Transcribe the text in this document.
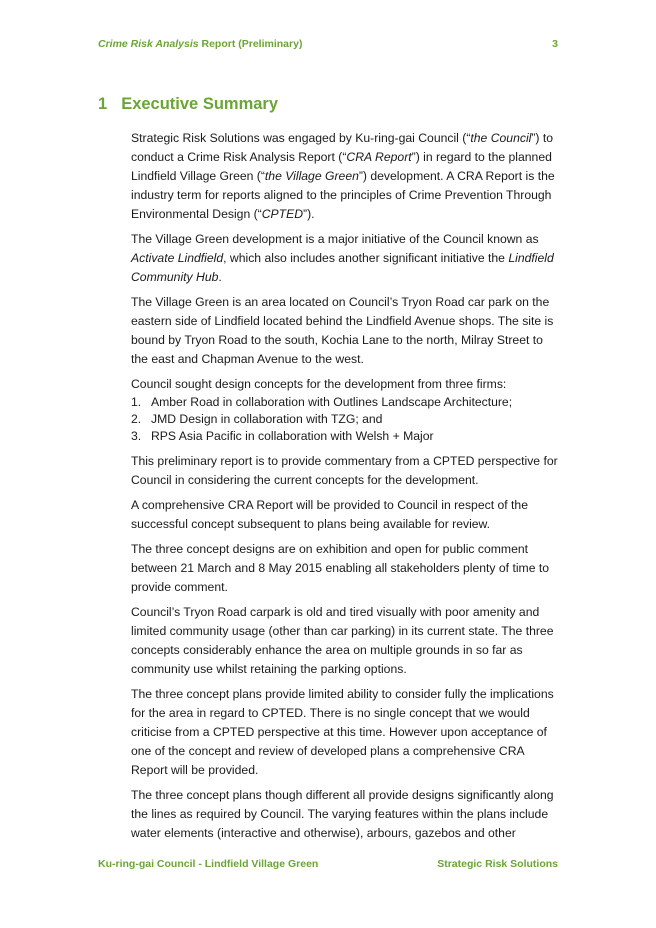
Crime Risk Analysis Report (Preliminary)	3
1 Executive Summary

Strategic Risk Solutions was engaged by Ku-ring-gai Council (“the Council”) to conduct a Crime Risk Analysis Report (“CRA Report”) in regard to the planned Lindfield Village Green (“the Village Green”) development. A CRA Report is the industry term for reports aligned to the principles of Crime Prevention Through Environmental Design (“CPTED”).

The Village Green development is a major initiative of the Council known as Activate Lindfield, which also includes another significant initiative the Lindfield Community Hub.

The Village Green is an area located on Council’s Tryon Road car park on the eastern side of Lindfield located behind the Lindfield Avenue shops. The site is bound by Tryon Road to the south, Kochia Lane to the north, Milray Street to the east and Chapman Avenue to the west.

Council sought design concepts for the development from three firms:

1. Amber Road in collaboration with Outlines Landscape Architecture;
2. JMD Design in collaboration with TZG; and
3. RPS Asia Pacific in collaboration with Welsh + Major

This preliminary report is to provide commentary from a CPTED perspective for Council in considering the current concepts for the development.

A comprehensive CRA Report will be provided to Council in respect of the successful concept subsequent to plans being available for review.

The three concept designs are on exhibition and open for public comment between 21 March and 8 May 2015 enabling all stakeholders plenty of time to provide comment.

Council’s Tryon Road carpark is old and tired visually with poor amenity and limited community usage (other than car parking) in its current state. The three concepts considerably enhance the area on multiple grounds in so far as community use whilst retaining the parking options.

The three concept plans provide limited ability to consider fully the implications for the area in regard to CPTED. There is no single concept that we would criticise from a CPTED perspective at this time. However upon acceptance of one of the concept and review of developed plans a comprehensive CRA Report will be provided.

The three concept plans though different all provide designs significantly along the lines as required by Council. The varying features within the plans include water elements (interactive and otherwise), arbours, gazebos and other

Ku-ring-gai Council - Lindfield Village Green	Strategic Risk Solutions
